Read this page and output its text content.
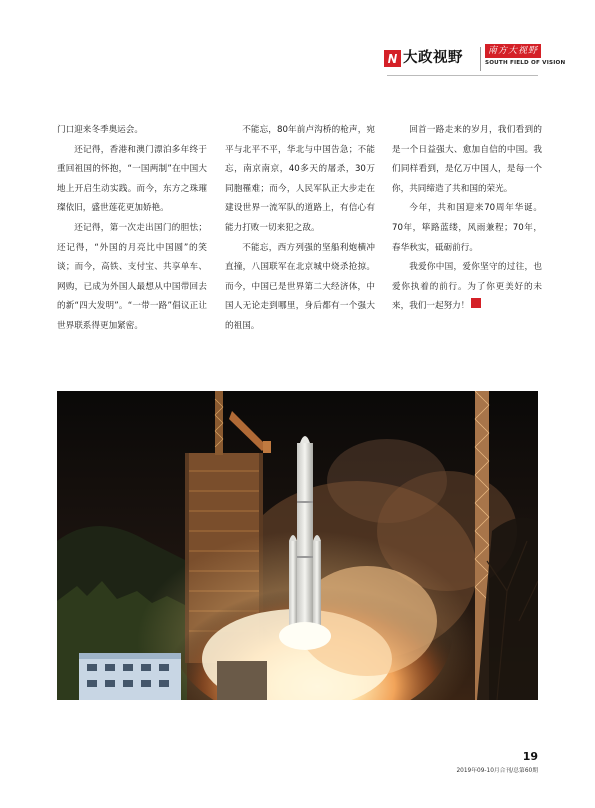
大政视野	南方大视野
SOUTH FIELD OF VISION

门口迎来冬季奥运会。

还记得，香港和澳门漂泊多年终于重回祖国的怀抱，“一国两制”在中国大地上开启生动实践。而今，东方之珠璀璨依旧，盛世莲花更加娇艳。

还记得，第一次走出国门的胆怯；还记得，“外国的月亮比中国圆”的笑谈；而今，高铁、支付宝、共享单车、网购，已成为外国人最想从中国带回去的新“四大发明”。“一带一路”倡议正让世界联系得更加紧密。

不能忘，80年前卢沟桥的枪声，宛平与北平不平，华北与中国告急；不能忘，南京南京，40多天的屠杀，30万同胞罹难；而今，人民军队正大步走在建设世界一流军队的道路上，有信心有能力打败一切来犯之敌。

不能忘，西方列强的坚船利炮横冲直撞，八国联军在北京城中烧杀抢掠。而今，中国已是世界第二大经济体，中国人无论走到哪里，身后都有一个强大的祖国。

回首一路走来的岁月，我们看到的是一个日益强大、愈加自信的中国。我们同样看到，是亿万中国人，是每一个你，共同缔造了共和国的荣光。

今年，共和国迎来70周年华诞。70年，筚路蓝缕，风雨兼程；70年，春华秋实，砥砺前行。

我爱你中国，爱你坚守的过往，也爱你执着的前行。为了你更美好的未来，我们一起努力！

19
2019年09-10月合刊/总第60期
